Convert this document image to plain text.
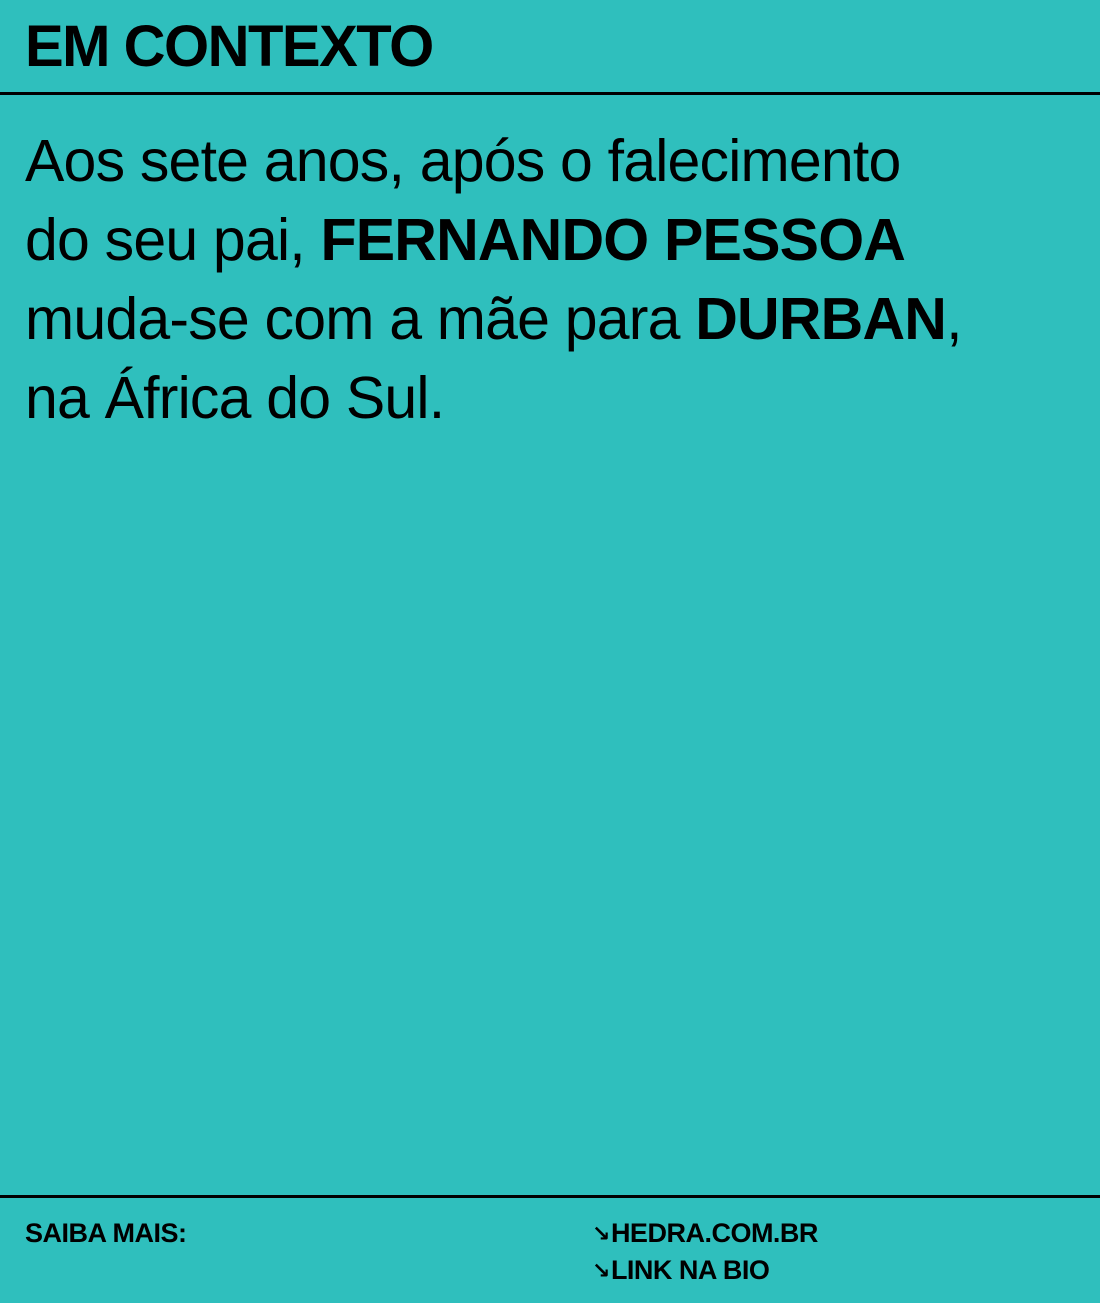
EM CONTEXTO

Aos sete anos, após o falecimento
do seu pai, FERNANDO PESSOA
muda-se com a mãe para DURBAN,
na África do Sul.

SAIBA MAIS:	↘HEDRA.COM.BR
↘LINK NA BIO
